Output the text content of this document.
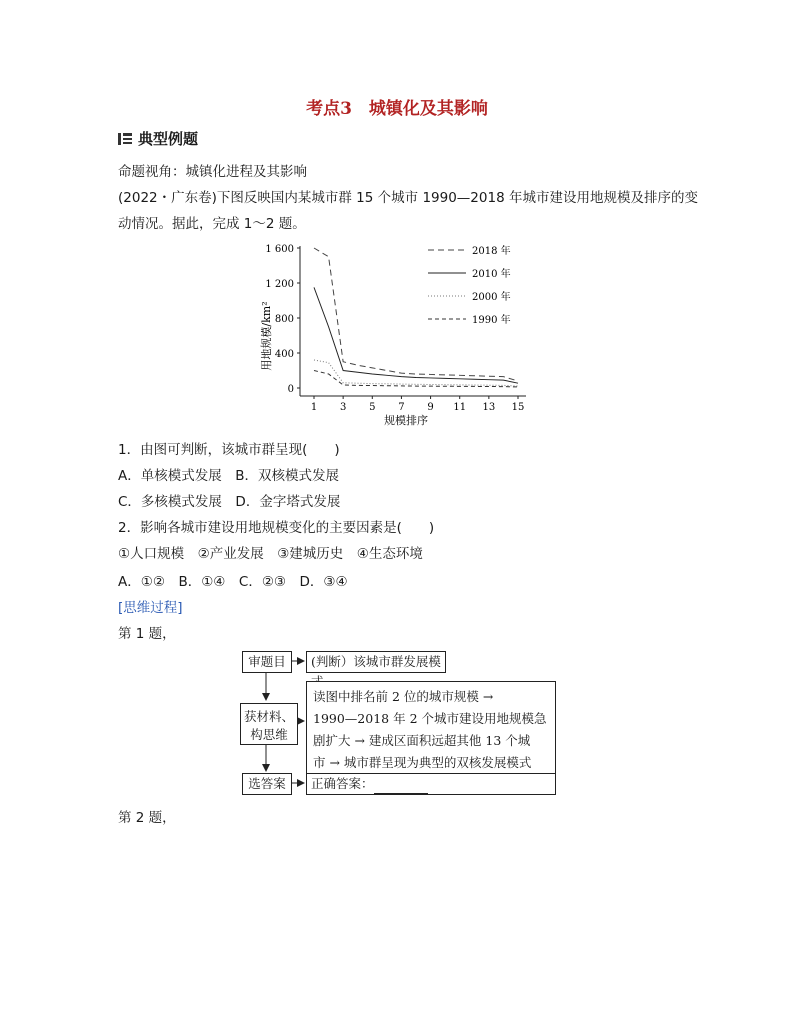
考点3　城镇化及其影响
典型例题
命题视角：城镇化进程及其影响
(2022・广东卷)下图反映国内某城市群 15 个城市 1990—2018 年城市建设用地规模及排序的变
动情况。据此，完成 1～2 题。
0
400
800
1 200
1 600
1 3 5 7 9 11 13 15
2018 年
2010 年
2000 年
1990 年
规模排序
用地规模/km²
1．由图可判断，该城市群呈现(　　)
A．单核模式发展　B．双核模式发展
C．多核模式发展　D．金字塔式发展
2．影响各城市建设用地规模变化的主要因素是(　　)
①人口规模　②产业发展　③建城历史　④生态环境
A．①②　B．①④　C．②③　D．③④
[思维过程]
第 1 题，
审题目	(判断）该城市群发展模
获材料、构思维
读图中排名前 2 位的城市规模 →
1990—2018 年 2 个城市建设用地规模急
剧扩大 → 建成区面积远超其他 13 个城
市 → 城市群呈现为典型的双核发展模式
选答案	正确答案：
第 2 题，
